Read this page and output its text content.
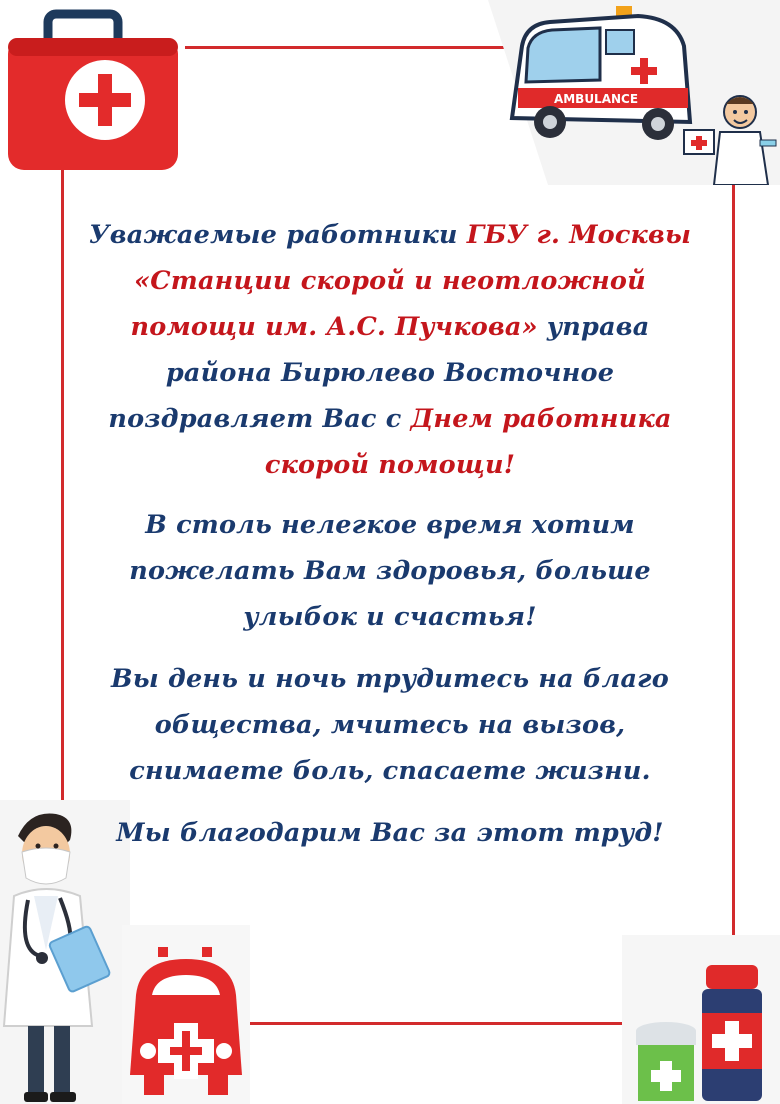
AMBULANCE

Уважаемые работники ГБУ г. Москвы «Станции скорой и неотложной помощи им. А.С. Пучкова» управа района Бирюлево Восточное поздравляет Вас с Днем работника скорой помощи!

В столь нелегкое время хотим пожелать Вам здоровья, больше улыбок и счастья!

Вы день и ночь трудитесь на благо общества, мчитесь на вызов, снимаете боль, спасаете жизни.

Мы благодарим Вас за этот труд!
